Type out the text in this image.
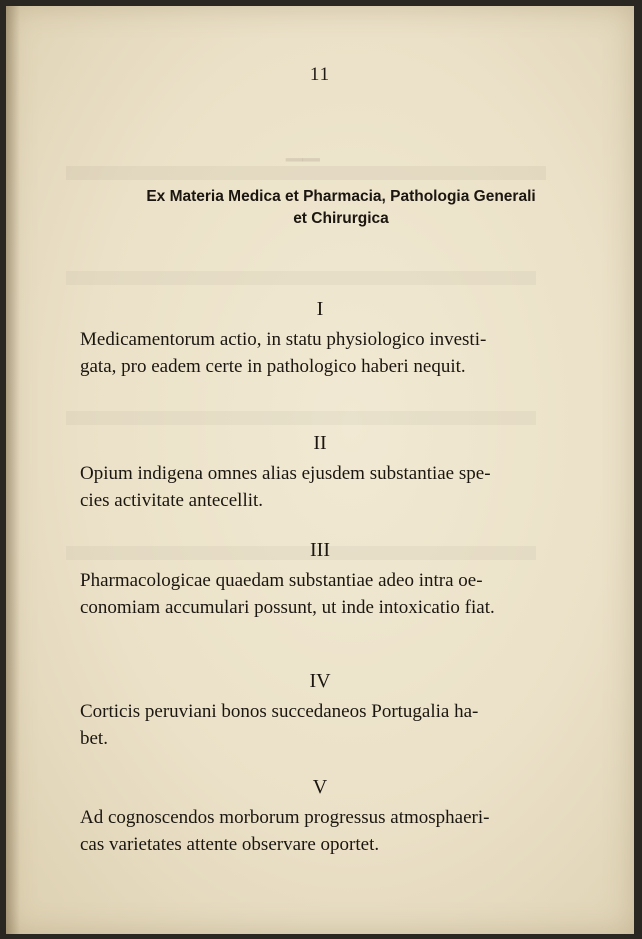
▁▁
11
Ex Materia Medica et Pharmacia, Pathologia Generali
et Chirurgica
I
Medicamentorum actio, in statu physiologico investi-
gata, pro eadem certe in pathologico haberi nequit.
II
Opium indigena omnes alias ejusdem substantiae spe-
cies activitate antecellit.
III
Pharmacologicae quaedam substantiae adeo intra oe-
conomiam accumulari possunt, ut inde intoxicatio fiat.
IV
Corticis peruviani bonos succedaneos Portugalia ha-
bet.
V
Ad cognoscendos morborum progressus atmosphaeri-
cas varietates attente observare oportet.
